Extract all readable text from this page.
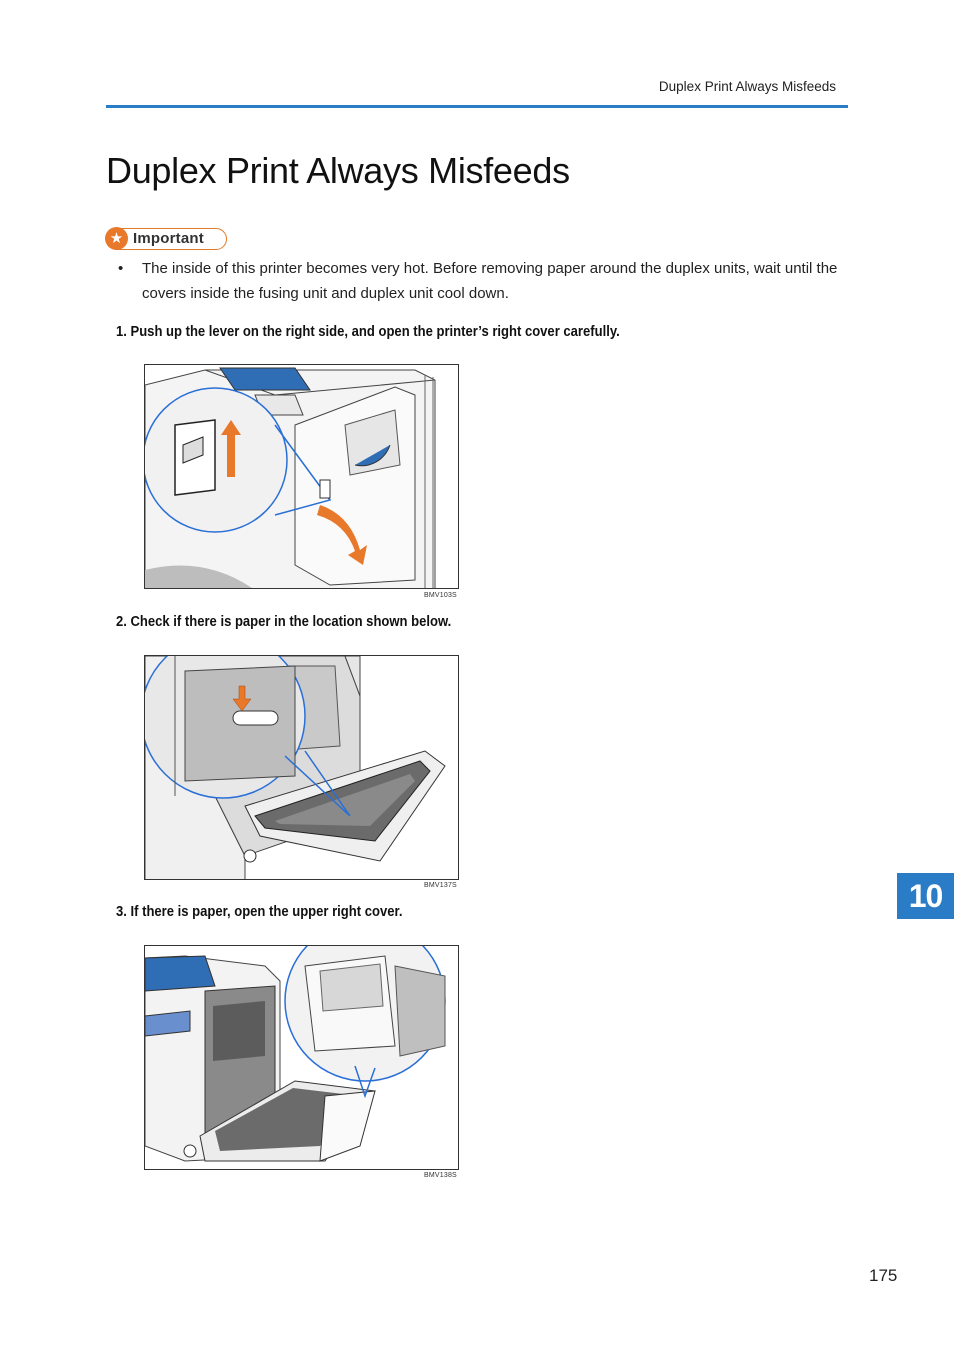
Duplex Print Always Misfeeds
Duplex Print Always Misfeeds
★ Important
•	The inside of this printer becomes very hot. Before removing paper around the duplex units, wait until the covers inside the fusing unit and duplex unit cool down.
1. Push up the lever on the right side, and open the printer’s right cover carefully.
BMV103S
2. Check if there is paper in the location shown below.
BMV137S
3. If there is paper, open the upper right cover.
BMV138S
10
175
